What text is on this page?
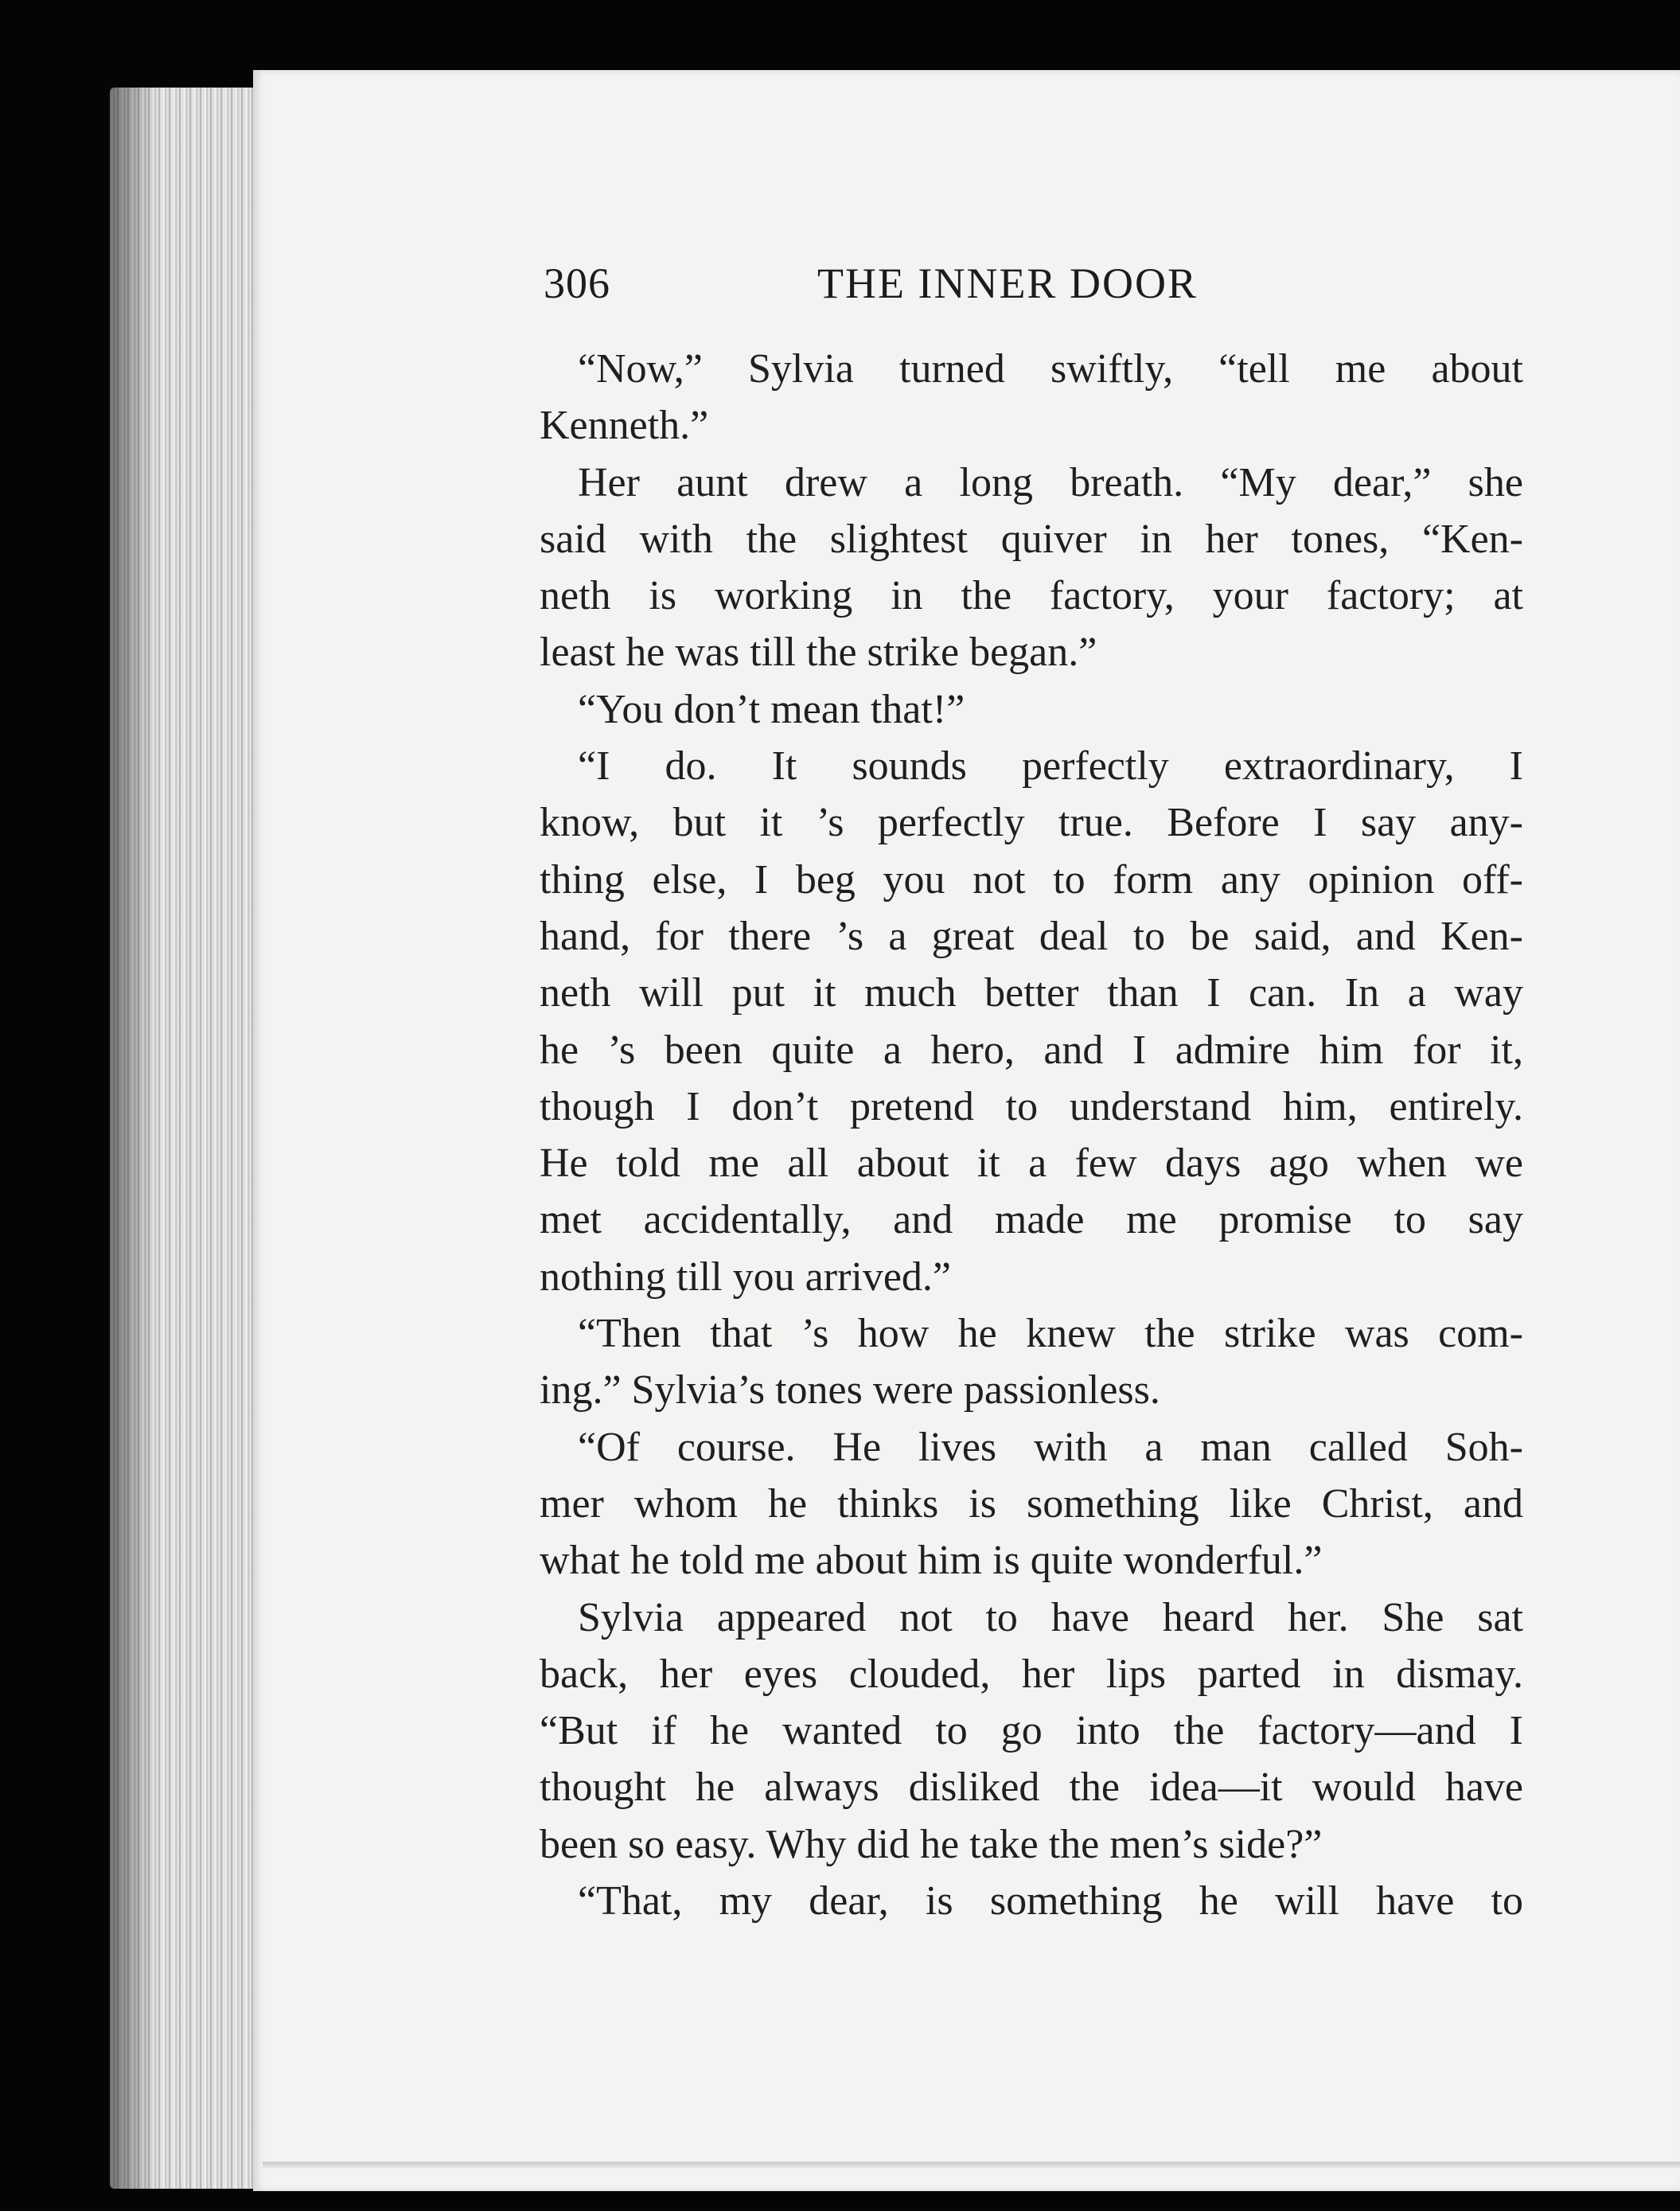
306	THE INNER DOOR
“Now,” Sylvia turned swiftly, “tell me about
Kenneth.”
Her aunt drew a long breath. “My dear,” she
said with the slightest quiver in her tones, “Ken-
neth is working in the factory, your factory; at
least he was till the strike began.”
“You don’t mean that!”
“I do. It sounds perfectly extraordinary, I
know, but it ’s perfectly true. Before I say any-
thing else, I beg you not to form any opinion off-
hand, for there ’s a great deal to be said, and Ken-
neth will put it much better than I can. In a way
he ’s been quite a hero, and I admire him for it,
though I don’t pretend to understand him, entirely.
He told me all about it a few days ago when we
met accidentally, and made me promise to say
nothing till you arrived.”
“Then that ’s how he knew the strike was com-
ing.” Sylvia’s tones were passionless.
“Of course. He lives with a man called Soh-
mer whom he thinks is something like Christ, and
what he told me about him is quite wonderful.”
Sylvia appeared not to have heard her. She sat
back, her eyes clouded, her lips parted in dismay.
“But if he wanted to go into the factory—and I
thought he always disliked the idea—it would have
been so easy. Why did he take the men’s side?”
“That, my dear, is something he will have to
